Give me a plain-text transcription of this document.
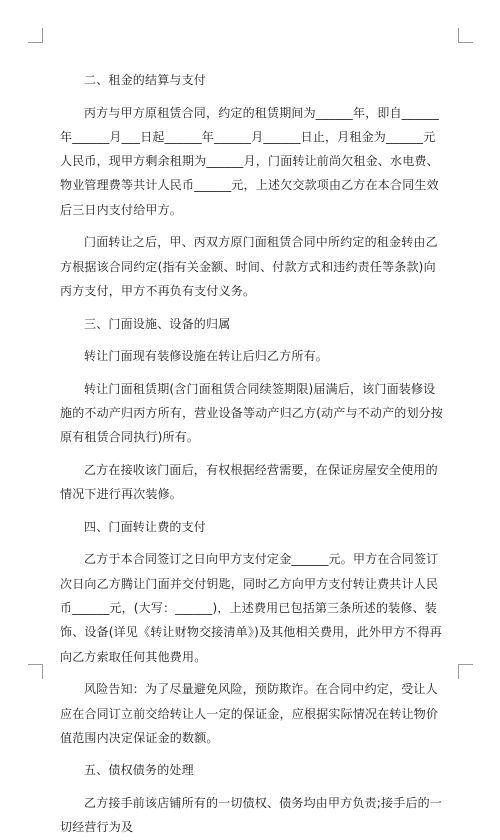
二、租金的结算与支付

丙方与甲方原租赁合同，约定的租赁期间为______年，即自______年______月___日起______年______月______日止，月租金为______元人民币，现甲方剩余租期为______月，门面转让前尚欠租金、水电费、物业管理费等共计人民币______元，上述欠交款项由乙方在本合同生效后三日内支付给甲方。

门面转让之后，甲、丙双方原门面租赁合同中所约定的租金转由乙方根据该合同约定(指有关金额、时间、付款方式和违约责任等条款)向丙方支付，甲方不再负有支付义务。

三、门面设施、设备的归属

转让门面现有装修设施在转让后归乙方所有。

转让门面租赁期(含门面租赁合同续签期限)届满后，该门面装修设施的不动产归丙方所有，营业设备等动产归乙方(动产与不动产的划分按原有租赁合同执行)所有。

乙方在接收该门面后，有权根据经营需要，在保证房屋安全使用的情况下进行再次装修。

四、门面转让费的支付

乙方于本合同签订之日向甲方支付定金______元。甲方在合同签订次日向乙方腾让门面并交付钥匙，同时乙方向甲方支付转让费共计人民币______元，(大写：______)，上述费用已包括第三条所述的装修、装饰、设备(详见《转让财物交接清单》)及其他相关费用，此外甲方不得再向乙方索取任何其他费用。

风险告知：为了尽量避免风险，预防欺诈。在合同中约定，受让人应在合同订立前交给转让人一定的保证金，应根据实际情况在转让物价值范围内决定保证金的数额。

五、债权债务的处理

乙方接手前该店铺所有的一切债权、债务均由甲方负责;接手后的一切经营行为及
